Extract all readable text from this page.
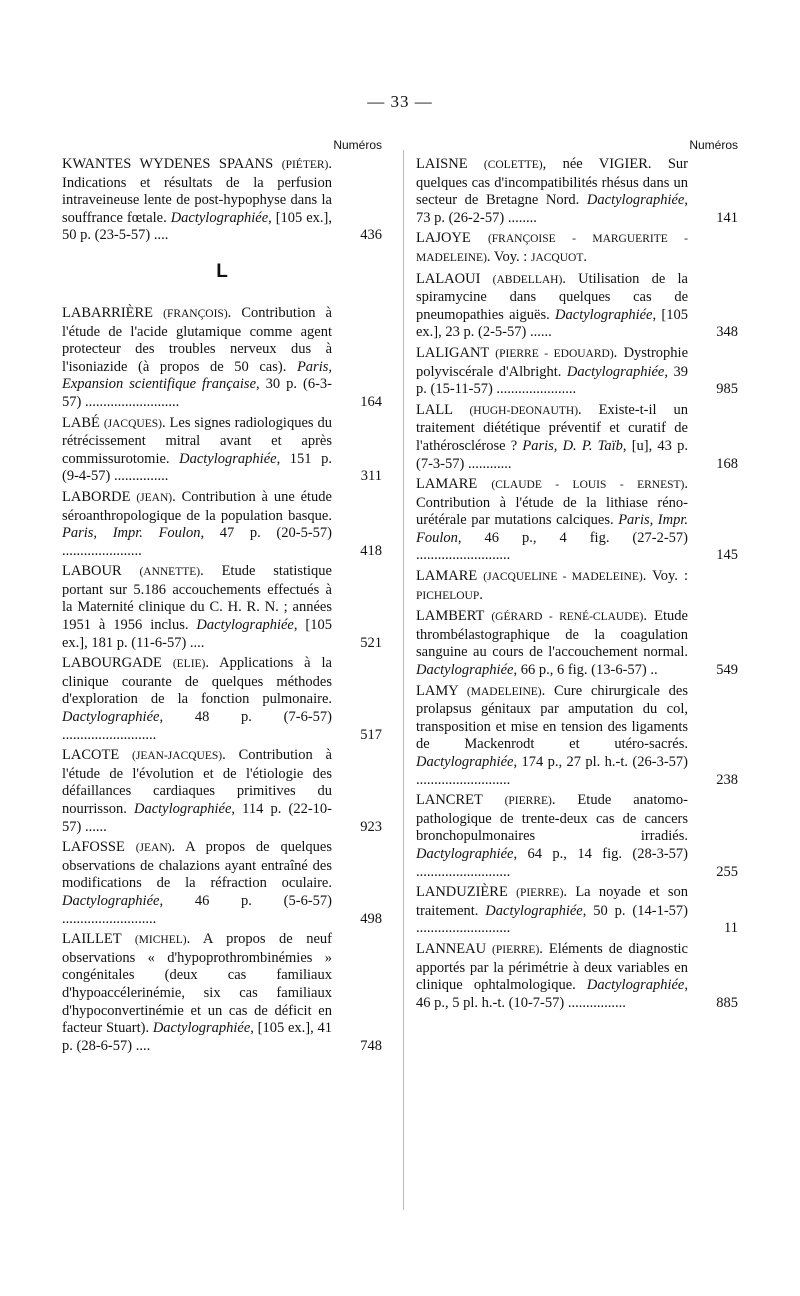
— 33 —
Numéros
KWANTES WYDENES SPAANS (PIÉTER). Indications et résultats de la perfusion intraveineuse lente de post-hypophyse dans la souffrance fœtale. Dactylographiée, [105 ex.], 50 p. (23-5-57) ....	436
L
LABARRIÈRE (FRANÇOIS). Contribution à l'étude de l'acide glutamique comme agent protecteur des troubles nerveux dus à l'isoniazide (à propos de 50 cas). Paris, Expansion scientifique française, 30 p. (6-3-57) ..........................	164
LABÉ (JACQUES). Les signes radiologiques du rétrécissement mitral avant et après commissurotomie. Dactylographiée, 151 p. (9-4-57) ...............	311
LABORDE (JEAN). Contribution à une étude séroanthropologique de la population basque. Paris, Impr. Foulon, 47 p. (20-5-57) ......................	418
LABOUR (ANNETTE). Etude statistique portant sur 5.186 accouchements effectués à la Maternité clinique du C. H. R. N. ; années 1951 à 1956 inclus. Dactylographiée, [105 ex.], 181 p. (11-6-57) ....	521
LABOURGADE (ELIE). Applications à la clinique courante de quelques méthodes d'exploration de la fonction pulmonaire. Dactylographiée, 48 p. (7-6-57) ..........................	517
LACOTE (JEAN-JACQUES). Contribution à l'étude de l'évolution et de l'étiologie des défaillances cardiaques primitives du nourrisson. Dactylographiée, 114 p. (22-10-57) ......	923
LAFOSSE (JEAN). A propos de quelques observations de chalazions ayant entraîné des modifications de la réfraction oculaire. Dactylographiée, 46 p. (5-6-57) ..........................	498
LAILLET (MICHEL). A propos de neuf observations « d'hypoprothrombinémies » congénitales (deux cas familiaux d'hypoaccélerinémie, six cas familiaux d'hypoconvertinémie et un cas de déficit en facteur Stuart). Dactylographiée, [105 ex.], 41 p. (28-6-57) ....	748
Numéros
LAISNE (COLETTE), née VIGIER. Sur quelques cas d'incompatibilités rhésus dans un secteur de Bretagne Nord. Dactylographiée, 73 p. (26-2-57) ........	141
LAJOYE (FRANÇOISE - MARGUERITE - MADELEINE). Voy. : JACQUOT.
LALAOUI (ABDELLAH). Utilisation de la spiramycine dans quelques cas de pneumopathies aiguës. Dactylographiée, [105 ex.], 23 p. (2-5-57) ......	348
LALIGANT (PIERRE - EDOUARD). Dystrophie polyviscérale d'Albright. Dactylographiée, 39 p. (15-11-57) ......................	985
LALL (HUGH-DEONAUTH). Existe-t-il un traitement diététique préventif et curatif de l'athérosclérose ? Paris, D. P. Taïb, [u], 43 p. (7-3-57) ............	168
LAMARE (CLAUDE - LOUIS - ERNEST). Contribution à l'étude de la lithiase réno-urétérale par mutations calciques. Paris, Impr. Foulon, 46 p., 4 fig. (27-2-57) ..........................	145
LAMARE (JACQUELINE - MADELEINE). Voy. : PICHELOUP.
LAMBERT (GÉRARD - RENÉ-CLAUDE). Etude thrombélastographique de la coagulation sanguine au cours de l'accouchement normal. Dactylographiée, 66 p., 6 fig. (13-6-57) ..	549
LAMY (MADELEINE). Cure chirurgicale des prolapsus génitaux par amputation du col, transposition et mise en tension des ligaments de Mackenrodt et utéro-sacrés. Dactylographiée, 174 p., 27 pl. h.-t. (26-3-57) ..........................	238
LANCRET (PIERRE). Etude anatomo-pathologique de trente-deux cas de cancers bronchopulmonaires irradiés. Dactylographiée, 64 p., 14 fig. (28-3-57) ..........................	255
LANDUZIÈRE (PIERRE). La noyade et son traitement. Dactylographiée, 50 p. (14-1-57) ..........................	11
LANNEAU (PIERRE). Eléments de diagnostic apportés par la périmétrie à deux variables en clinique ophtalmologique. Dactylographiée, 46 p., 5 pl. h.-t. (10-7-57) ................	885
